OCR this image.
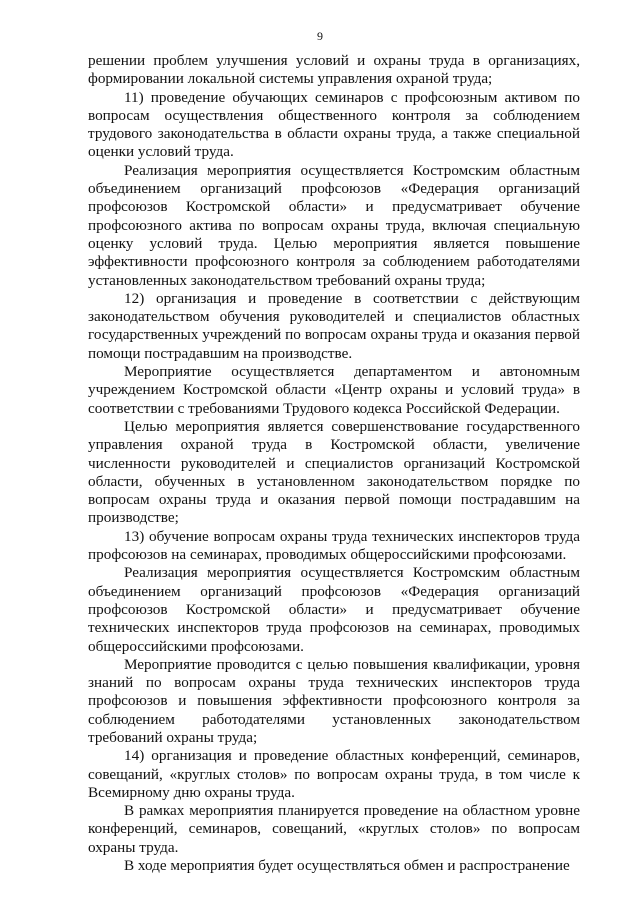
9

решении проблем улучшения условий и охраны труда в организациях, формировании локальной системы управления охраной труда;

11) проведение обучающих семинаров с профсоюзным активом по вопросам осуществления общественного контроля за соблюдением трудового законодательства в области охраны труда, а также специальной оценки условий труда.

Реализация мероприятия осуществляется Костромским областным объединением организаций профсоюзов «Федерация организаций профсоюзов Костромской области» и предусматривает обучение профсоюзного актива по вопросам охраны труда, включая специальную оценку условий труда. Целью мероприятия является повышение эффективности профсоюзного контроля за соблюдением работодателями установленных законодательством требований охраны труда;

12) организация и проведение в соответствии с действующим законодательством обучения руководителей и специалистов областных государственных учреждений по вопросам охраны труда и оказания первой помощи пострадавшим на производстве.

Мероприятие осуществляется департаментом и автономным учреждением Костромской области «Центр охраны и условий труда» в соответствии с требованиями Трудового кодекса Российской Федерации.

Целью мероприятия является совершенствование государственного управления охраной труда в Костромской области, увеличение численности руководителей и специалистов организаций Костромской области, обученных в установленном законодательством порядке по вопросам охраны труда и оказания первой помощи пострадавшим на производстве;

13) обучение вопросам охраны труда технических инспекторов труда профсоюзов на семинарах, проводимых общероссийскими профсоюзами.

Реализация мероприятия осуществляется Костромским областным объединением организаций профсоюзов «Федерация организаций профсоюзов Костромской области» и предусматривает обучение технических инспекторов труда профсоюзов на семинарах, проводимых общероссийскими профсоюзами.

Мероприятие проводится с целью повышения квалификации, уровня знаний по вопросам охраны труда технических инспекторов труда профсоюзов и повышения эффективности профсоюзного контроля за соблюдением работодателями установленных законодательством требований охраны труда;

14) организация и проведение областных конференций, семинаров, совещаний, «круглых столов» по вопросам охраны труда, в том числе к Всемирному дню охраны труда.

В рамках мероприятия планируется проведение на областном уровне конференций, семинаров, совещаний, «круглых столов» по вопросам охраны труда.

В ходе мероприятия будет осуществляться обмен и распространение
